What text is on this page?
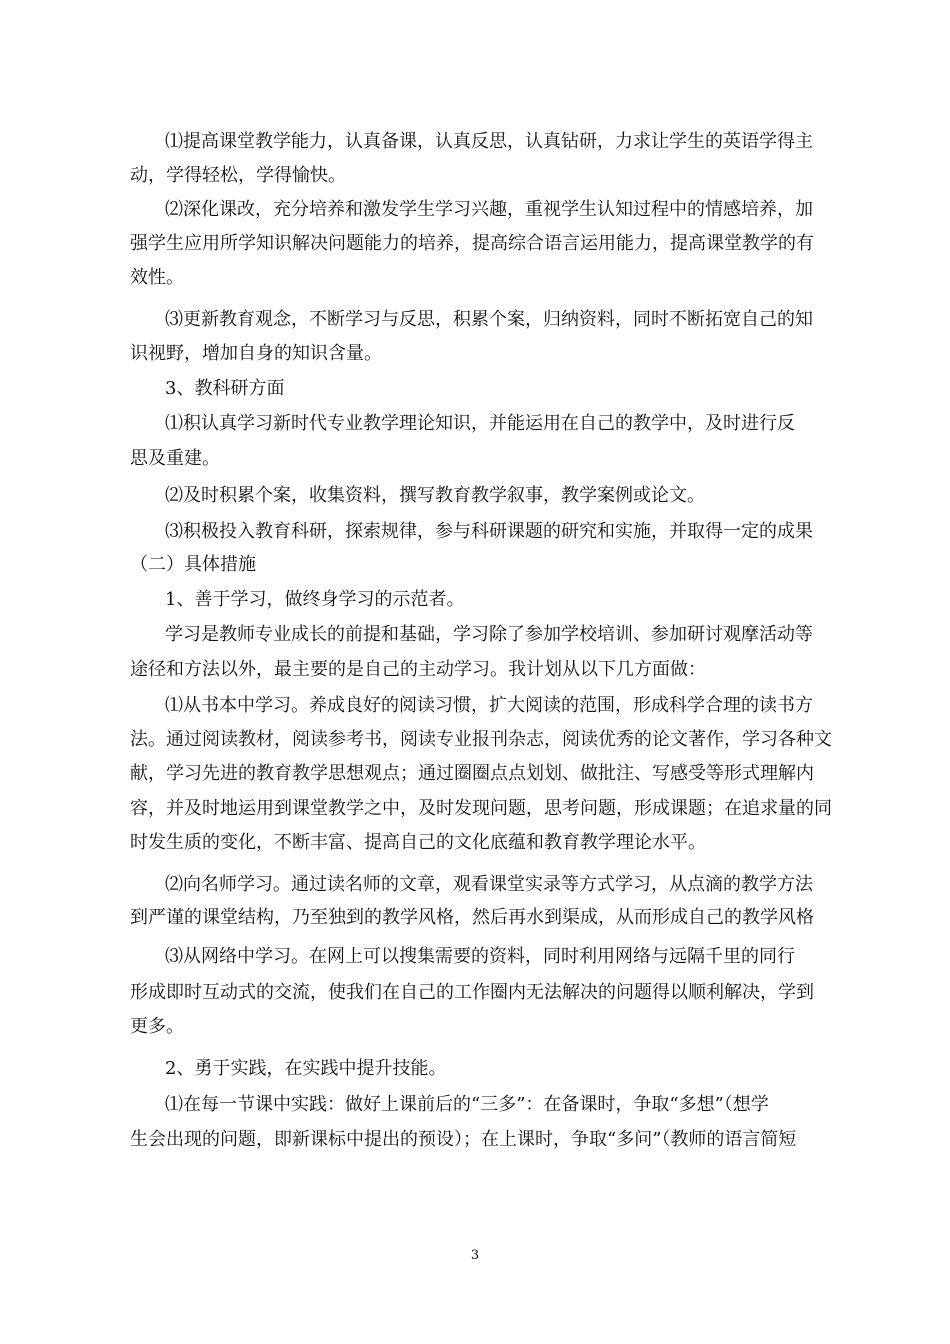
⑴提高课堂教学能力，认真备课，认真反思，认真钻研，力求让学生的英语学得主
动，学得轻松，学得愉快。
⑵深化课改，充分培养和激发学生学习兴趣，重视学生认知过程中的情感培养，加
强学生应用所学知识解决问题能力的培养，提高综合语言运用能力，提高课堂教学的有
效性。
⑶更新教育观念，不断学习与反思，积累个案，归纳资料，同时不断拓宽自己的知
识视野，增加自身的知识含量。
3、教科研方面
⑴积认真学习新时代专业教学理论知识，并能运用在自己的教学中，及时进行反
思及重建。
⑵及时积累个案，收集资料，撰写教育教学叙事，教学案例或论文。
⑶积极投入教育科研，探索规律，参与科研课题的研究和实施，并取得一定的成果
（二）具体措施
1、善于学习，做终身学习的示范者。
学习是教师专业成长的前提和基础，学习除了参加学校培训、参加研讨观摩活动等
途径和方法以外，最主要的是自己的主动学习。我计划从以下几方面做：
⑴从书本中学习。养成良好的阅读习惯，扩大阅读的范围，形成科学合理的读书方
法。通过阅读教材，阅读参考书，阅读专业报刊杂志，阅读优秀的论文著作，学习各种文
献，学习先进的教育教学思想观点；通过圈圈点点划划、做批注、写感受等形式理解内
容，并及时地运用到课堂教学之中，及时发现问题，思考问题，形成课题；在追求量的同
时发生质的变化，不断丰富、提高自己的文化底蕴和教育教学理论水平。
⑵向名师学习。通过读名师的文章，观看课堂实录等方式学习，从点滴的教学方法
到严谨的课堂结构，乃至独到的教学风格，然后再水到渠成，从而形成自己的教学风格
⑶从网络中学习。在网上可以搜集需要的资料，同时利用网络与远隔千里的同行
形成即时互动式的交流，使我们在自己的工作圈内无法解决的问题得以顺利解决，学到
更多。
2、勇于实践，在实践中提升技能。
⑴在每一节课中实践：做好上课前后的“三多”：在备课时，争取“多想”（想学
生会出现的问题，即新课标中提出的预设）；在上课时，争取“多问”（教师的语言简短
3
